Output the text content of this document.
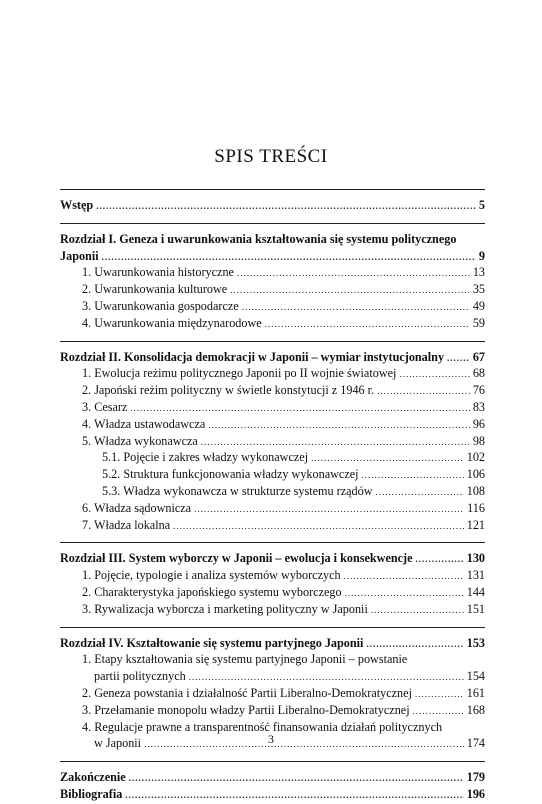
SPIS TREŚCI
Wstęp .....	5
Rozdział I. Geneza i uwarunkowania kształtowania się systemu politycznego
Japonii .....	9
1. Uwarunkowania historyczne .....	13
2. Uwarunkowania kulturowe .....	35
3. Uwarunkowania gospodarcze .....	49
4. Uwarunkowania międzynarodowe .....	59
Rozdział II. Konsolidacja demokracji w Japonii – wymiar instytucjonalny ..... 67
1. Ewolucja reżimu politycznego Japonii po II wojnie światowej .....	68
2. Japoński reżim polityczny w świetle konstytucji z 1946 r. .....	76
3. Cesarz .....	83
4. Władza ustawodawcza .....	96
5. Władza wykonawcza .....	98
5.1. Pojęcie i zakres władzy wykonawczej .....	102
5.2. Struktura funkcjonowania władzy wykonawczej .....	106
5.3. Władza wykonawcza w strukturze systemu rządów .....	108
6. Władza sądownicza .....	116
7. Władza lokalna .....	121
Rozdział III. System wyborczy w Japonii – ewolucja i konsekwencje .....	130
1. Pojęcie, typologie i analiza systemów wyborczych .....	131
2. Charakterystyka japońskiego systemu wyborczego .....	144
3. Rywalizacja wyborcza i marketing polityczny w Japonii .....	151
Rozdział IV. Kształtowanie się systemu partyjnego Japonii .....	153
1. Etapy kształtowania się systemu partyjnego Japonii – powstanie
partii politycznych .....	154
2. Geneza powstania i działalność Partii Liberalno-Demokratycznej .....	161
3. Przełamanie monopolu władzy Partii Liberalno-Demokratycznej .....	168
4. Regulacje prawne a transparentność finansowania działań politycznych
w Japonii .....	174
Zakończenie .....	179
Bibliografia .....	196
3
